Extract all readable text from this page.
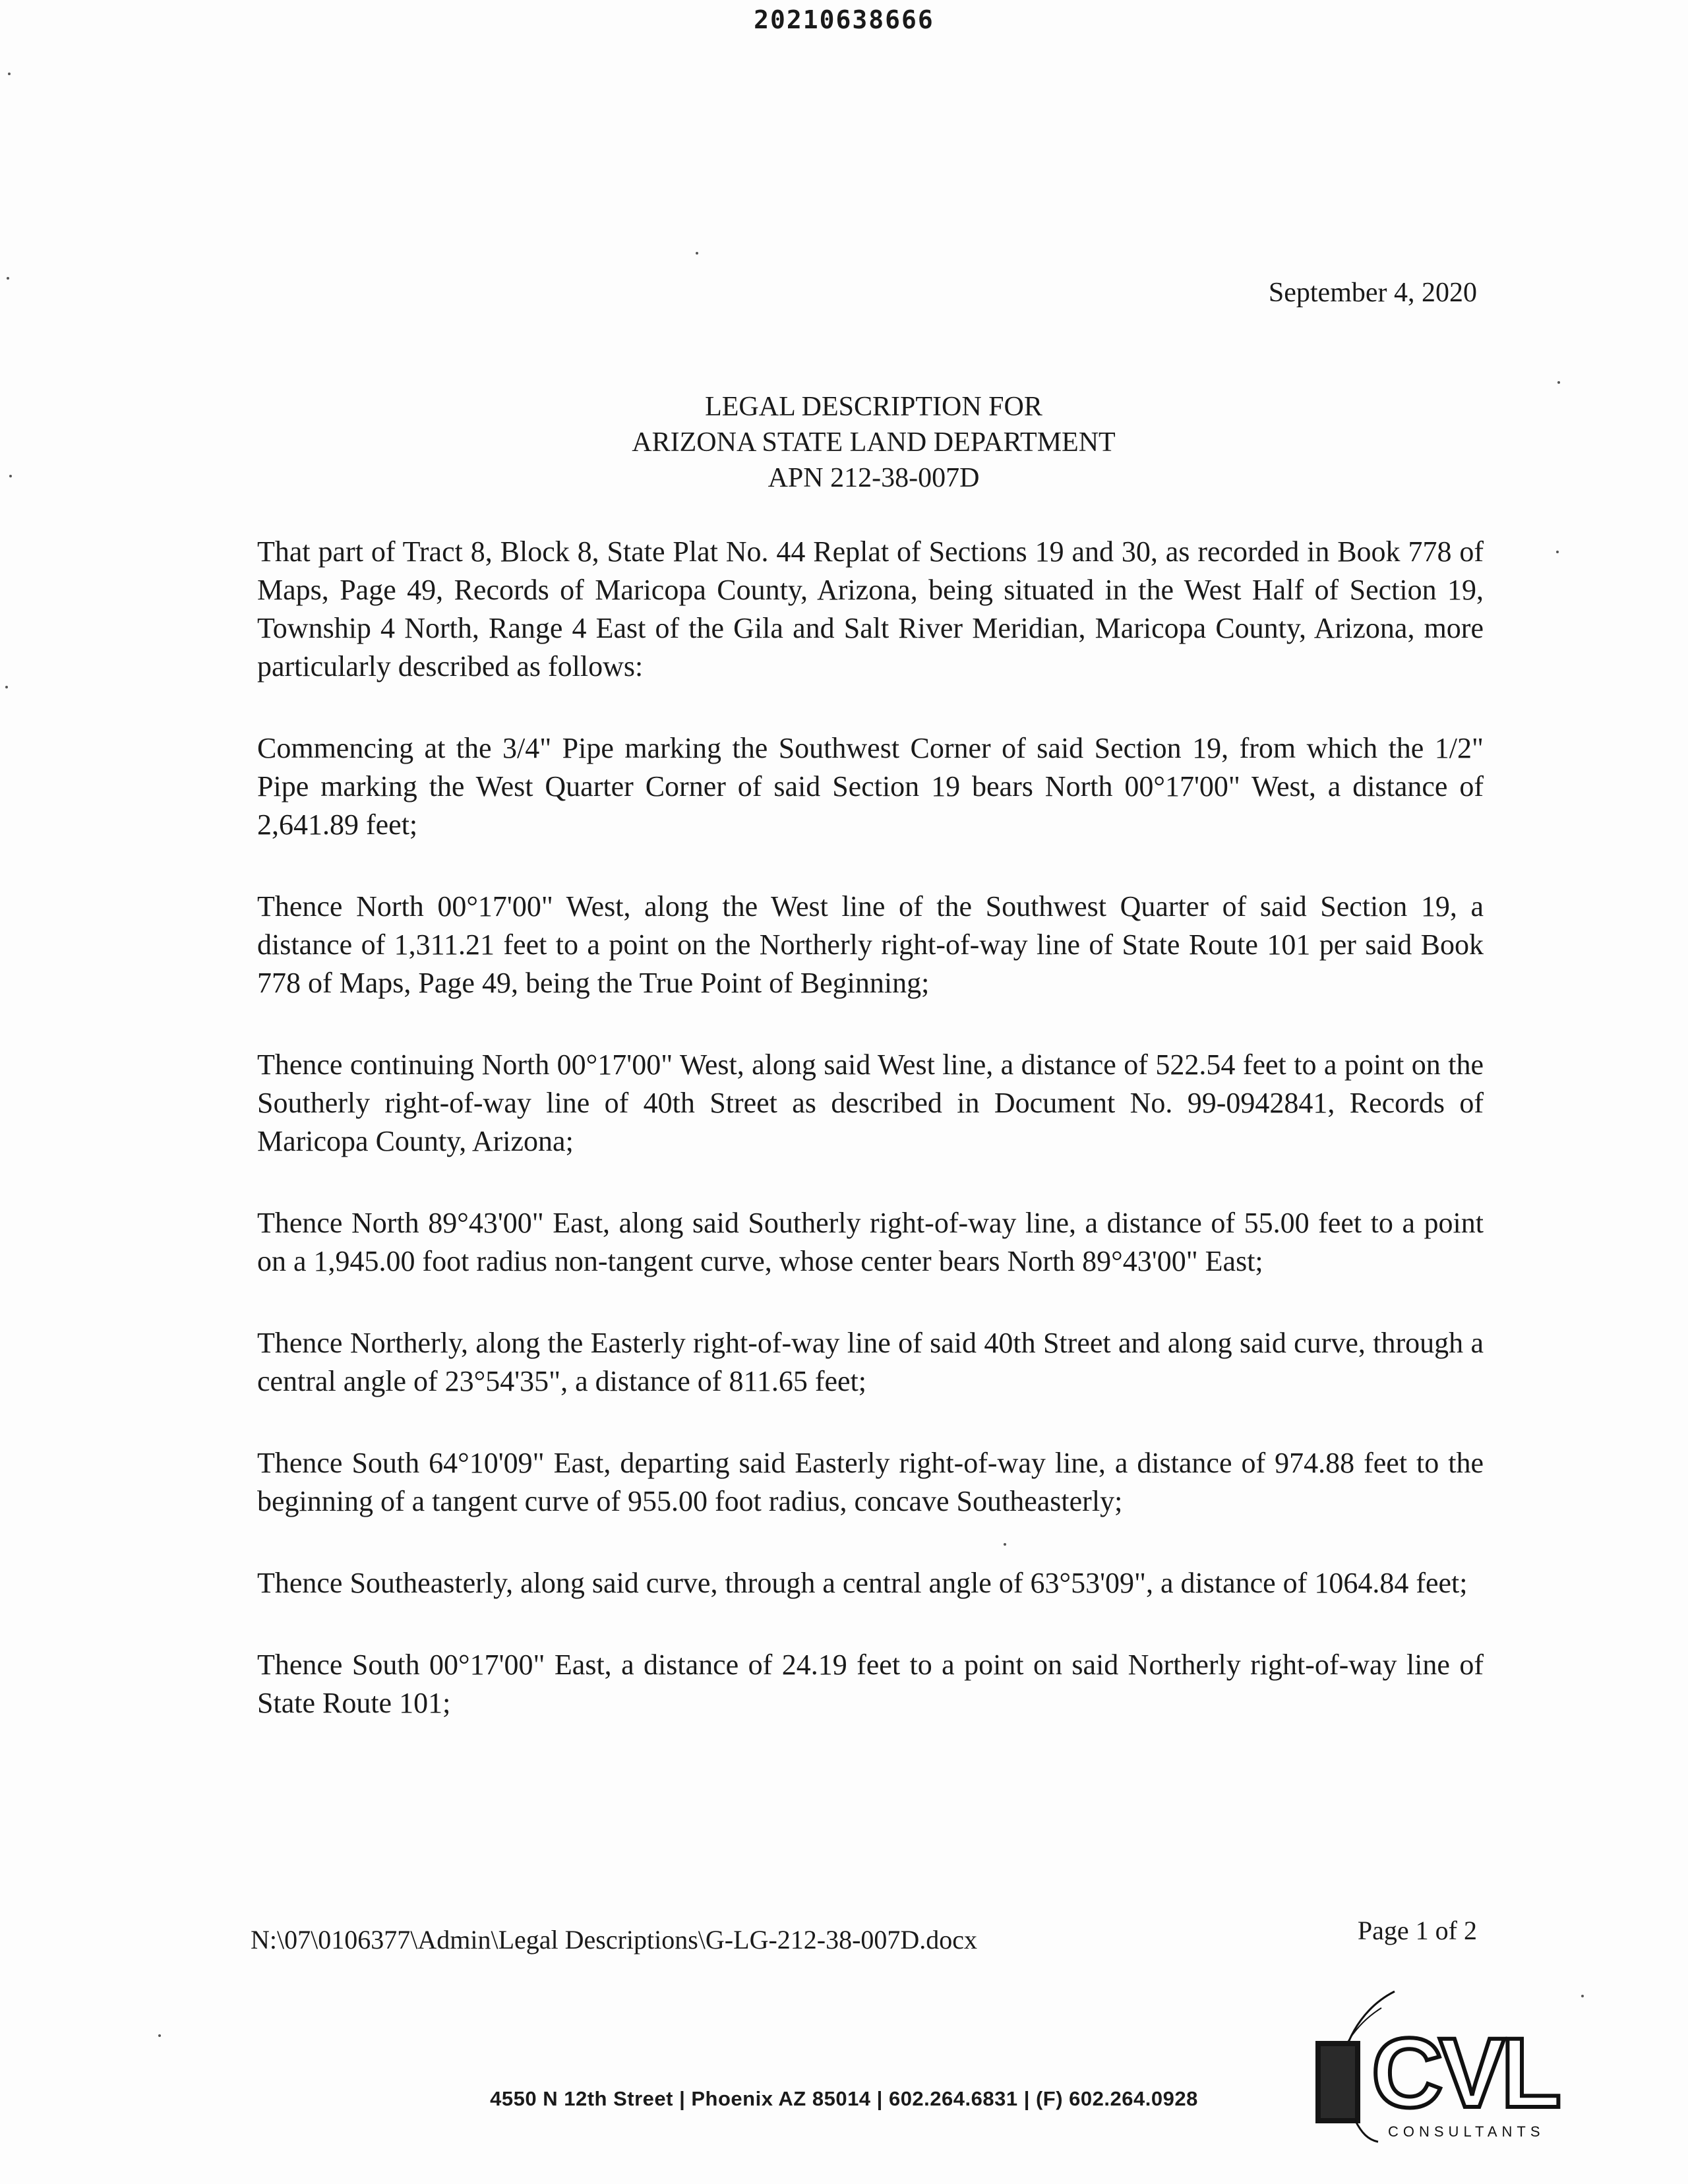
20210638666
September 4, 2020
LEGAL DESCRIPTION FOR
ARIZONA STATE LAND DEPARTMENT
APN 212-38-007D

That part of Tract 8, Block 8, State Plat No. 44 Replat of Sections 19 and 30, as recorded in Book 778 of Maps, Page 49, Records of Maricopa County, Arizona, being situated in the West Half of Section 19, Township 4 North, Range 4 East of the Gila and Salt River Meridian, Maricopa County, Arizona, more particularly described as follows:

Commencing at the 3/4" Pipe marking the Southwest Corner of said Section 19, from which the 1/2" Pipe marking the West Quarter Corner of said Section 19 bears North 00°17'00" West, a distance of 2,641.89 feet;

Thence North 00°17'00" West, along the West line of the Southwest Quarter of said Section 19, a distance of 1,311.21 feet to a point on the Northerly right-of-way line of State Route 101 per said Book 778 of Maps, Page 49, being the True Point of Beginning;

Thence continuing North 00°17'00" West, along said West line, a distance of 522.54 feet to a point on the Southerly right-of-way line of 40th Street as described in Document No. 99-0942841, Records of Maricopa County, Arizona;

Thence North 89°43'00" East, along said Southerly right-of-way line, a distance of 55.00 feet to a point on a 1,945.00 foot radius non-tangent curve, whose center bears North 89°43'00" East;

Thence Northerly, along the Easterly right-of-way line of said 40th Street and along said curve, through a central angle of 23°54'35", a distance of 811.65 feet;

Thence South 64°10'09" East, departing said Easterly right-of-way line, a distance of 974.88 feet to the beginning of a tangent curve of 955.00 foot radius, concave Southeasterly;

Thence Southeasterly, along said curve, through a central angle of 63°53'09", a distance of 1064.84 feet;

Thence South 00°17'00" East, a distance of 24.19 feet to a point on said Northerly right-of-way line of State Route 101;

N:\07\0106377\Admin\Legal Descriptions\G-LG-212-38-007D.docx	Page 1 of 2
CVL
CONSULTANTS
4550 N 12th Street | Phoenix AZ 85014 | 602.264.6831 | (F) 602.264.0928
